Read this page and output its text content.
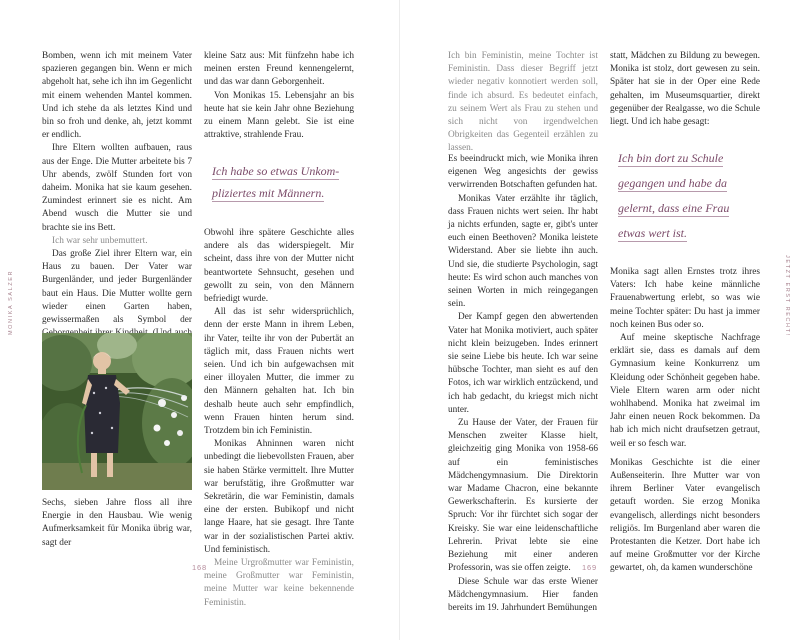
MONIKA SALZER

Bomben, wenn ich mit meinem Vater spazieren gegangen bin. Wenn er mich abgeholt hat, sehe ich ihn im Gegenlicht mit einem wehenden Mantel kommen. Und ich stehe da als letztes Kind und bin so froh und denke, ah, jetzt kommt er endlich.

Ihre Eltern wollten aufbauen, raus aus der Enge. Die Mutter arbeitete bis 7 Uhr abends, zwölf Stunden fort von daheim. Monika hat sie kaum gesehen. Zumindest erinnert sie es nicht. Am Abend wusch die Mutter sie und brachte sie ins Bett.

Ich war sehr unbemuttert.

Das große Ziel ihrer Eltern war, ein Haus zu bauen. Der Vater war Burgenländer, und jeder Burgenländer baut ein Haus. Die Mutter wollte gern wieder einen Garten haben, gewissermaßen als Symbol der

Sechs, sieben Jahre floss all ihre Energie in den Hausbau. Wie wenig Aufmerksamkeit für Monika übrig war, sagt der

kleine Satz aus: Mit fünfzehn habe ich meinen ersten Freund kennengelernt, und das war dann Geborgenheit.

Von Monikas 15. Lebensjahr an bis heute hat sie kein Jahr ohne Beziehung zu einem Mann gelebt. Sie ist eine attraktive, strahlende Frau.

Ich habe so etwas Unkom-
pliziertes mit Männern.

Obwohl ihre spätere Geschichte alles andere als das widerspiegelt. Mir scheint, dass ihre von der Mutter nicht beantwortete Sehnsucht, gesehen und gewollt zu sein, von den Männern befriedigt wurde.

All das ist sehr widersprüchlich, denn der erste Mann in ihrem Leben, ihr Vater, teilte ihr von der Pubertät an täglich mit, dass Frauen nichts wert seien. Und ich bin aufgewachsen mit einer illoyalen Mutter, die immer zu den Männern gehalten hat. Ich bin deshalb heute auch sehr empfindlich, wenn Frauen hinten herum sind. Trotzdem bin ich Feministin.

Monikas Ahninnen waren nicht unbedingt die liebevollsten Frauen, aber sie haben Stärke vermittelt. Ihre Mutter war berufstätig, ihre Großmutter war Sekretärin, die war Feministin, damals eine der ersten. Bubikopf und nicht lange Haare, hat sie gesagt. Ihre Tante war in der sozialistischen Partei aktiv. Und feministisch.

Meine Urgroßmutter war Feministin, meine Großmutter war Feministin, meine Mutter war keine bekennende Feministin.

168

Ich bin Feministin, meine Tochter ist Feministin. Dass dieser Begriff jetzt wieder negativ konnotiert werden soll, finde ich absurd. Es bedeutet einfach, zu seinem Wert als Frau zu stehen und sich nicht von irgendwelchen Obrigkeiten das Gegenteil erzählen zu lassen.

Es beeindruckt mich, wie Monika ihren eigenen Weg angesichts der gewiss verwirrenden Botschaften gefunden hat.

Monikas Vater erzählte ihr täglich, dass Frauen nichts wert seien. Ihr habt ja nichts erfunden, sagte er, gibt's unter euch einen Beethoven? Monika leistete Widerstand. Aber sie liebte ihn auch. Und sie, die studierte Psychologin, sagt heute: Es wird schon auch manches von seinen Worten in mich reingegangen sein.

Der Kampf gegen den abwertenden Vater hat Monika motiviert, auch später nicht klein beizugeben. Indes erinnert sie seine Liebe bis heute. Ich war seine hübsche Tochter, man sieht es auf den Fotos, ich war wirklich entzückend, und ich hab gedacht, du kriegst mich nicht unter.

Zu Hause der Vater, der Frauen für Menschen zweiter Klasse hielt, gleichzeitig ging Monika von 1958-66 auf ein feministisches Mädchengymnasium. Die Direktorin war Madame Chacron, eine bekannte Gewerkschafterin. Es kursierte der Spruch: Vor ihr fürchtet sich sogar der Kreisky. Sie war eine leidenschaftliche Lehrerin. Privat lebte sie eine Beziehung mit einer anderen Professorin, was sie offen zeigte.

Diese Schule war das erste Wiener Mädchengymnasium. Hier fanden bereits im 19. Jahrhundert Bemühungen

statt, Mädchen zu Bildung zu bewegen. Monika ist stolz, dort gewesen zu sein. Später hat sie in der Oper eine Rede gehalten, im Museumsquartier, direkt gegenüber der Realgasse, wo die Schule liegt. Und ich habe gesagt:

Ich bin dort zu Schule
gegangen und habe da
gelernt, dass eine Frau
etwas wert ist.

Monika sagt allen Ernstes trotz ihres Vaters: Ich habe keine männliche Frauenabwertung erlebt, so was wie meine Tochter später: Du hast ja immer noch keinen Bus oder so.

Auf meine skeptische Nachfrage erklärt sie, dass es damals auf dem Gymnasium keine Konkurrenz um Kleidung oder Schönheit gegeben habe. Viele Eltern waren arm oder nicht wohlhabend. Monika hat zweimal im Jahr einen neuen Rock bekommen. Da hab ich mich nicht draufsetzen getraut, weil er so fesch war.

Monikas Geschichte ist die einer Außenseiterin. Ihre Mutter war von ihrem Berliner Vater evangelisch getauft worden. Sie erzog Monika evangelisch, allerdings nicht besonders religiös. Im Burgenland aber waren die Protestanten die Ketzer. Dort habe ich auf meine Großmutter vor der Kirche gewartet, oh, da kamen wunderschöne

JETZT ERST RECHT!
169
